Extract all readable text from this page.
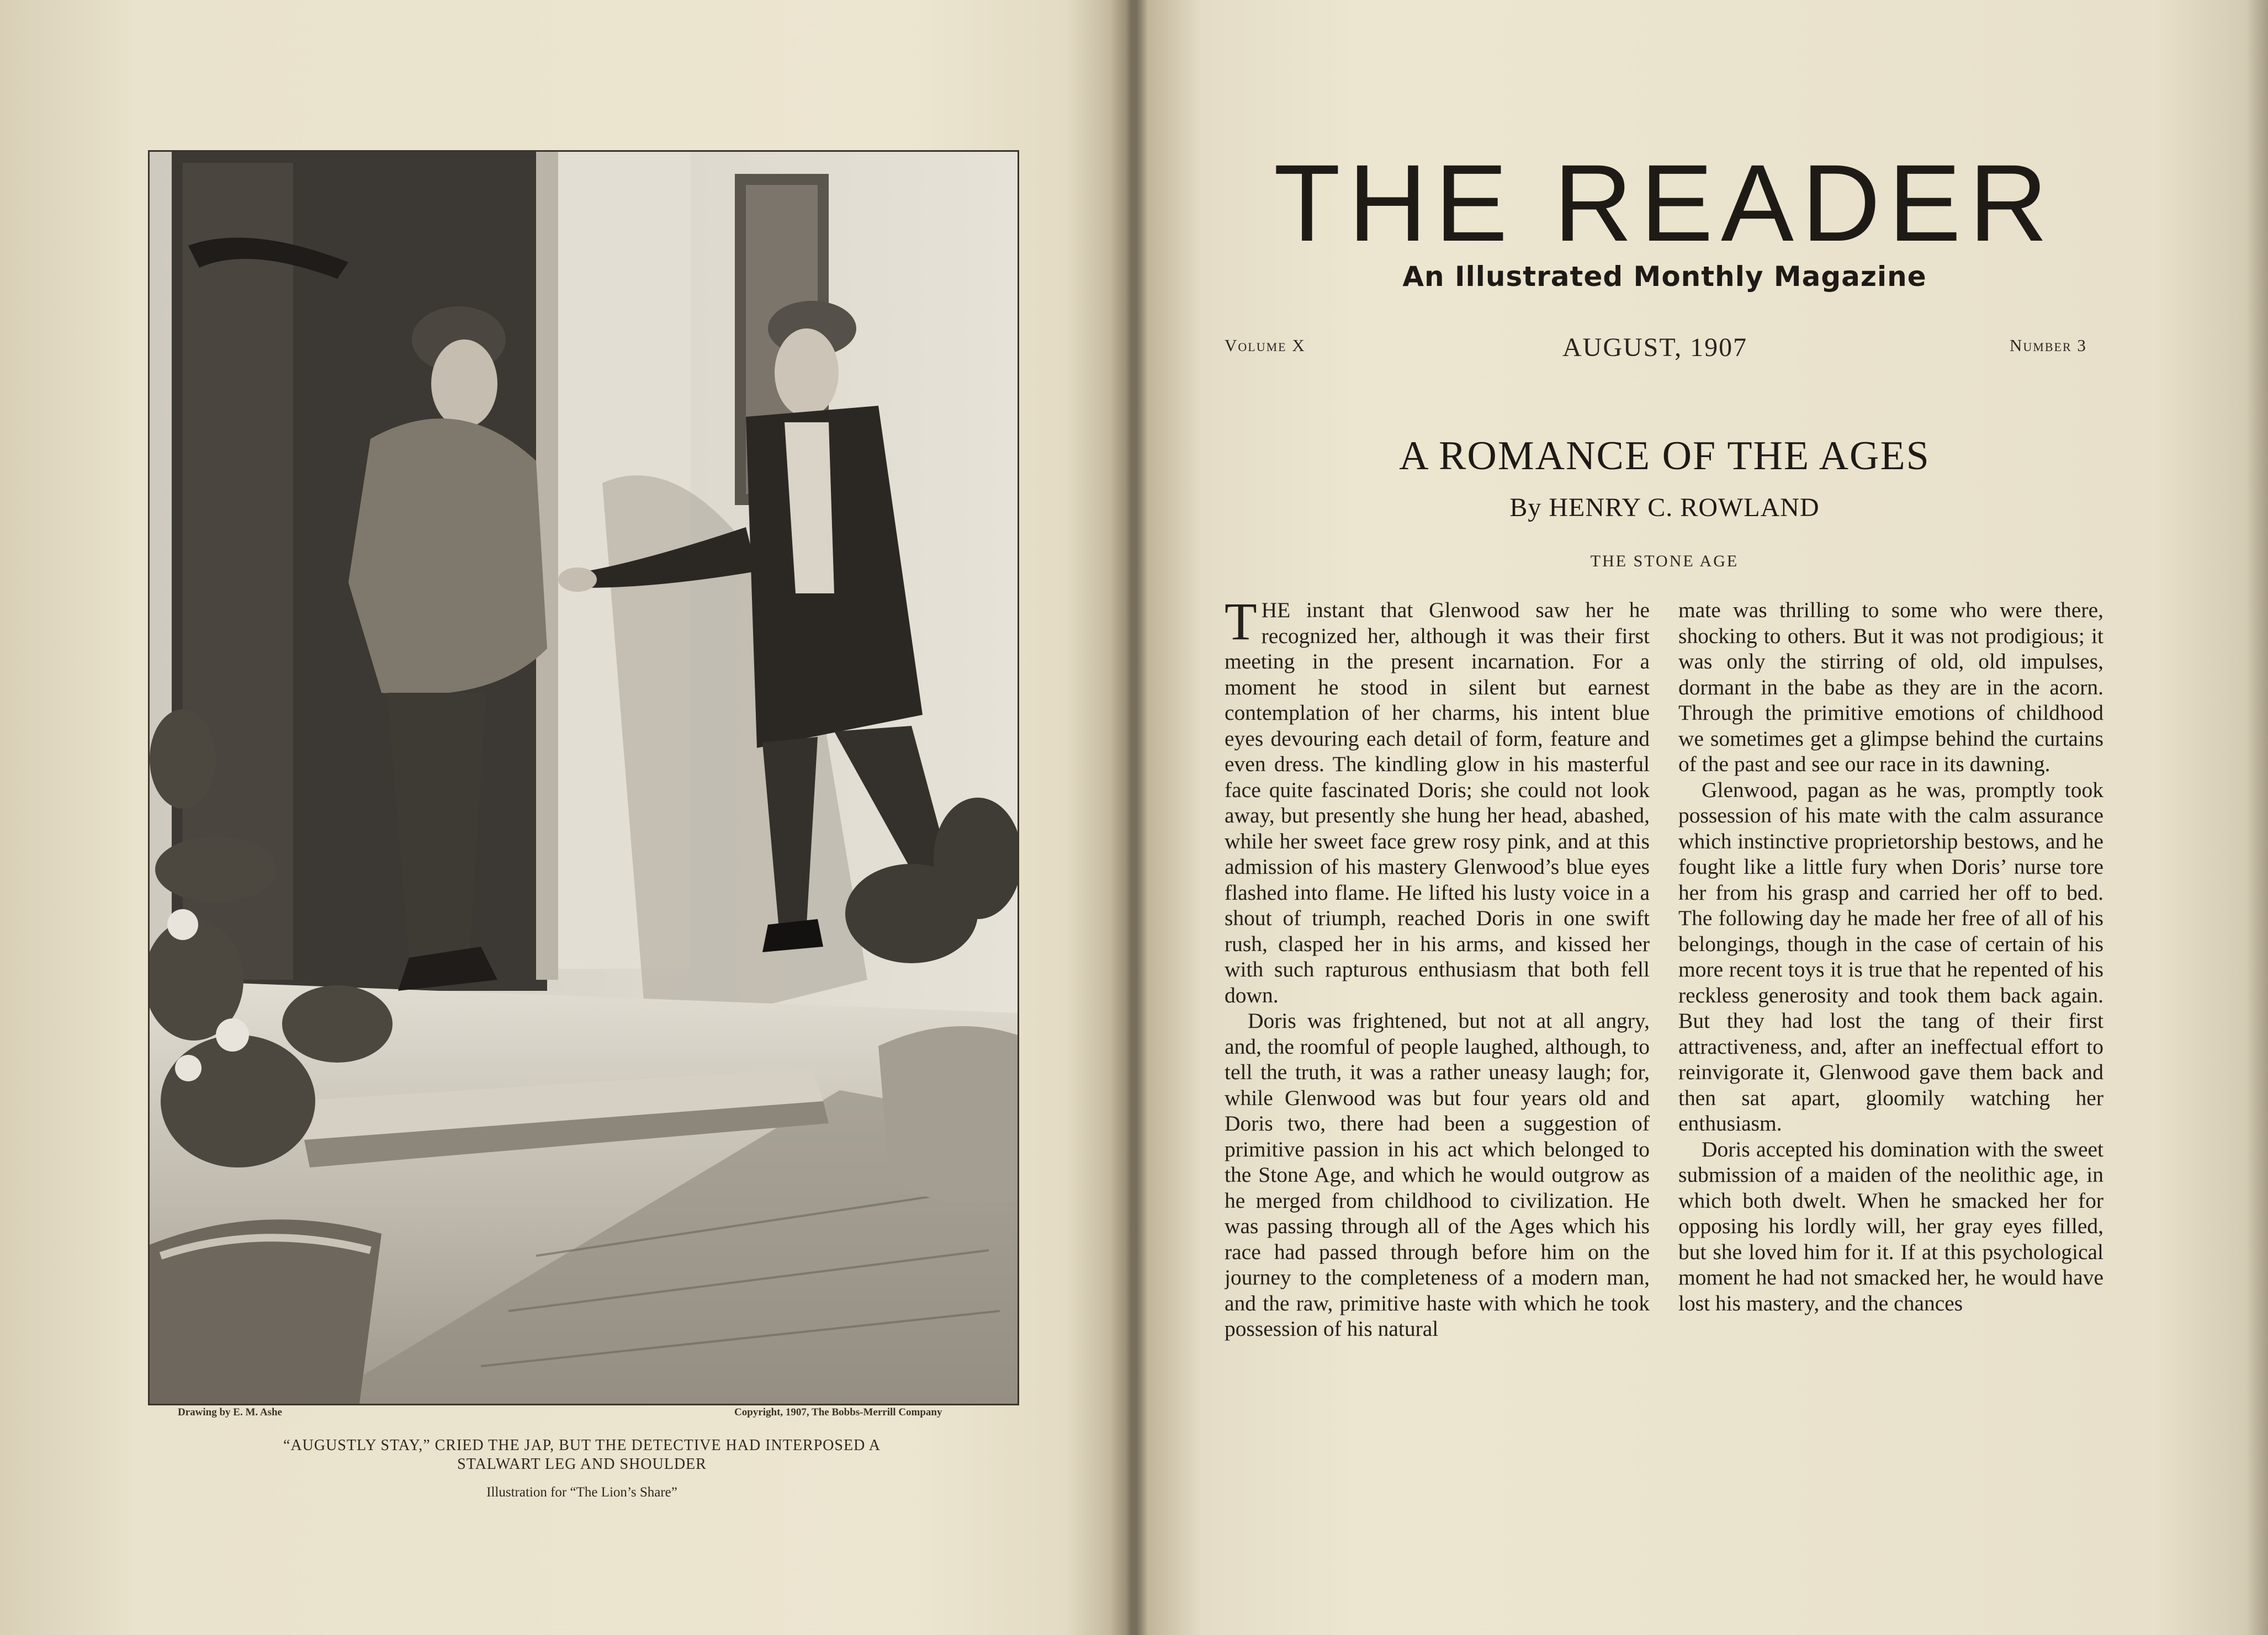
Drawing by E. M. Ashe	Copyright, 1907, The Bobbs-Merrill Company
“AUGUSTLY STAY,” CRIED THE JAP, BUT THE DETECTIVE HAD INTERPOSED A
STALWART LEG AND SHOULDER
Illustration for “The Lion’s Share”
THE READER
An Illustrated Monthly Magazine
Volume X	AUGUST, 1907	Number 3
A ROMANCE OF THE AGES
By HENRY C. ROWLAND
THE STONE AGE

THE instant that Glenwood saw her he recognized her, although it was their first meeting in the present incarnation. For a moment he stood in silent but earnest contemplation of her charms, his intent blue eyes devouring each detail of form, feature and even dress. The kindling glow in his masterful face quite fascinated Doris; she could not look away, but presently she hung her head, abashed, while her sweet face grew rosy pink, and at this admission of his mastery Glenwood’s blue eyes flashed into flame. He lifted his lusty voice in a shout of triumph, reached Doris in one swift rush, clasped her in his arms, and kissed her with such rapturous enthusiasm that both fell down.

Doris was frightened, but not at all angry, and, the roomful of people laughed, although, to tell the truth, it was a rather uneasy laugh; for, while Glenwood was but four years old and Doris two, there had been a suggestion of primitive passion in his act which belonged to the Stone Age, and which he would outgrow as he merged from childhood to civilization. He was passing through all of the Ages which his race had passed through before him on the journey to the completeness of a modern man, and the raw, primitive haste with which he took possession of his natural

mate was thrilling to some who were there, shocking to others. But it was not prodigious; it was only the stirring of old, old impulses, dormant in the babe as they are in the acorn. Through the primitive emotions of childhood we sometimes get a glimpse behind the curtains of the past and see our race in its dawning.

Glenwood, pagan as he was, promptly took possession of his mate with the calm assurance which instinctive proprietorship bestows, and he fought like a little fury when Doris’ nurse tore her from his grasp and carried her off to bed. The following day he made her free of all of his belongings, though in the case of certain of his more recent toys it is true that he repented of his reckless generosity and took them back again. But they had lost the tang of their first attractiveness, and, after an ineffectual effort to reinvigorate it, Glenwood gave them back and then sat apart, gloomily watching her enthusiasm.

Doris accepted his domination with the sweet submission of a maiden of the neolithic age, in which both dwelt. When he smacked her for opposing his lordly will, her gray eyes filled, but she loved him for it. If at this psychological moment he had not smacked her, he would have lost his mastery, and the chances
